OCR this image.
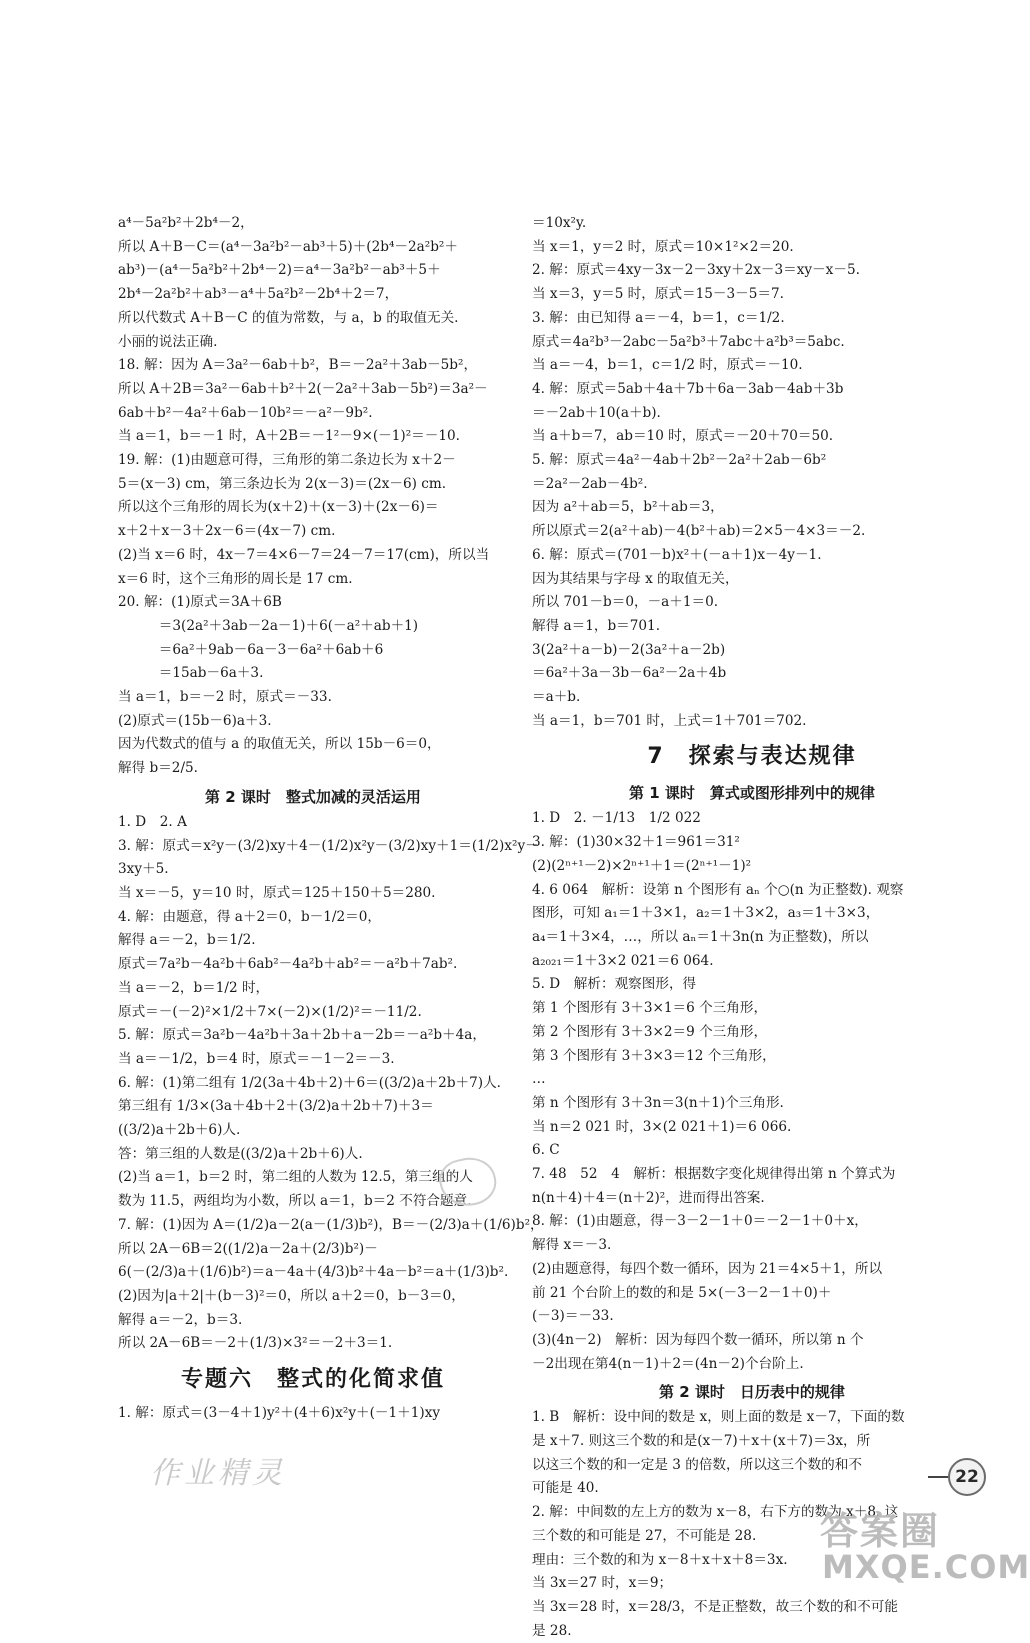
a⁴－5a²b²＋2b⁴－2，
所以 A＋B－C＝(a⁴－3a²b²－ab³＋5)＋(2b⁴－2a²b²＋
ab³)－(a⁴－5a²b²＋2b⁴－2)＝a⁴－3a²b²－ab³＋5＋
2b⁴－2a²b²＋ab³－a⁴＋5a²b²－2b⁴＋2＝7，
所以代数式 A＋B－C 的值为常数，与 a，b 的取值无关.
小丽的说法正确.
18. 解：因为 A＝3a²－6ab＋b²，B＝－2a²＋3ab－5b²，
所以 A＋2B＝3a²－6ab＋b²＋2(－2a²＋3ab－5b²)＝3a²－
6ab＋b²－4a²＋6ab－10b²＝－a²－9b².
当 a＝1，b＝－1 时，A＋2B＝－1²－9×(－1)²＝－10.
19. 解：(1)由题意可得，三角形的第二条边长为 x＋2－
5＝(x－3) cm，第三条边长为 2(x－3)＝(2x－6) cm.
所以这个三角形的周长为(x＋2)＋(x－3)＋(2x－6)＝
x＋2＋x－3＋2x－6＝(4x－7) cm.
(2)当 x＝6 时，4x－7＝4×6－7＝24－7＝17(cm)，所以当
x＝6 时，这个三角形的周长是 17 cm.
20. 解：(1)原式＝3A＋6B
　　　＝3(2a²＋3ab－2a－1)＋6(－a²＋ab＋1)
　　　＝6a²＋9ab－6a－3－6a²＋6ab＋6
　　　＝15ab－6a＋3.
当 a＝1，b＝－2 时，原式＝－33.
(2)原式＝(15b－6)a＋3.
因为代数式的值与 a 的取值无关，所以 15b－6＝0，
解得 b＝2/5.
第 2 课时　整式加减的灵活运用
1. D　2. A
3. 解：原式＝x²y－(3/2)xy＋4－(1/2)x²y－(3/2)xy＋1＝(1/2)x²y－
3xy＋5.
当 x＝－5，y＝10 时，原式＝125＋150＋5＝280.
4. 解：由题意，得 a＋2＝0，b－1/2＝0，
解得 a＝－2，b＝1/2.
原式＝7a²b－4a²b＋6ab²－4a²b＋ab²＝－a²b＋7ab².
当 a＝－2，b＝1/2 时，
原式＝－(－2)²×1/2＋7×(－2)×(1/2)²＝－11/2.
5. 解：原式＝3a²b－4a²b＋3a＋2b＋a－2b＝－a²b＋4a，
当 a＝－1/2，b＝4 时，原式＝－1－2＝－3.
6. 解：(1)第二组有 1/2(3a＋4b＋2)＋6＝((3/2)a＋2b＋7)人.
第三组有 1/3×(3a＋4b＋2＋(3/2)a＋2b＋7)＋3＝
((3/2)a＋2b＋6)人.
答：第三组的人数是((3/2)a＋2b＋6)人.
(2)当 a＝1，b＝2 时，第二组的人数为 12.5，第三组的人
数为 11.5，两组均为小数，所以 a＝1，b＝2 不符合题意.
7. 解：(1)因为 A＝(1/2)a－2(a－(1/3)b²)，B＝－(2/3)a＋(1/6)b²，
所以 2A－6B＝2((1/2)a－2a＋(2/3)b²)－
6(－(2/3)a＋(1/6)b²)＝a－4a＋(4/3)b²＋4a－b²＝a＋(1/3)b².
(2)因为|a＋2|＋(b－3)²＝0，所以 a＋2＝0，b－3＝0，
解得 a＝－2，b＝3.
所以 2A－6B＝－2＋(1/3)×3²＝－2＋3＝1.
专题六　整式的化简求值
1. 解：原式＝(3－4＋1)y²＋(4＋6)x²y＋(－1＋1)xy
＝10x²y.
当 x＝1，y＝2 时，原式＝10×1²×2＝20.
2. 解：原式＝4xy－3x－2－3xy＋2x－3＝xy－x－5.
当 x＝3，y＝5 时，原式＝15－3－5＝7.
3. 解：由已知得 a＝－4，b＝1，c＝1/2.
原式＝4a²b³－2abc－5a²b³＋7abc＋a²b³＝5abc.
当 a＝－4，b＝1，c＝1/2 时，原式＝－10.
4. 解：原式＝5ab＋4a＋7b＋6a－3ab－4ab＋3b
＝－2ab＋10(a＋b).
当 a＋b＝7，ab＝10 时，原式＝－20＋70＝50.
5. 解：原式＝4a²－4ab＋2b²－2a²＋2ab－6b²
＝2a²－2ab－4b².
因为 a²＋ab＝5，b²＋ab＝3，
所以原式＝2(a²＋ab)－4(b²＋ab)＝2×5－4×3＝－2.
6. 解：原式＝(701－b)x²＋(－a＋1)x－4y－1.
因为其结果与字母 x 的取值无关，
所以 701－b＝0，－a＋1＝0.
解得 a＝1，b＝701.
3(2a²＋a－b)－2(3a²＋a－2b)
＝6a²＋3a－3b－6a²－2a＋4b
＝a＋b.
当 a＝1，b＝701 时，上式＝1＋701＝702.
7　探索与表达规律
第 1 课时　算式或图形排列中的规律
1. D　2. －1/13　1/2 022
3. 解：(1)30×32＋1＝961＝31²
(2)(2ⁿ⁺¹－2)×2ⁿ⁺¹＋1＝(2ⁿ⁺¹－1)²
4. 6 064　解析：设第 n 个图形有 aₙ 个○(n 为正整数). 观察
图形，可知 a₁＝1＋3×1，a₂＝1＋3×2，a₃＝1＋3×3，
a₄＝1＋3×4，…，所以 aₙ＝1＋3n(n 为正整数)，所以
a₂₀₂₁＝1＋3×2 021＝6 064.
5. D　解析：观察图形，得
第 1 个图形有 3＋3×1＝6 个三角形，
第 2 个图形有 3＋3×2＝9 个三角形，
第 3 个图形有 3＋3×3＝12 个三角形，
…
第 n 个图形有 3＋3n＝3(n＋1)个三角形.
当 n＝2 021 时，3×(2 021＋1)＝6 066.
6. C
7. 48　52　4　解析：根据数字变化规律得出第 n 个算式为
n(n＋4)＋4＝(n＋2)²，进而得出答案.
8. 解：(1)由题意，得－3－2－1＋0＝－2－1＋0＋x，
解得 x＝－3.
(2)由题意得，每四个数一循环，因为 21＝4×5＋1，所以
前 21 个台阶上的数的和是 5×(－3－2－1＋0)＋
(－3)＝－33.
(3)(4n－2)　解析：因为每四个数一循环，所以第 n 个
－2出现在第4(n－1)＋2＝(4n－2)个台阶上.
第 2 课时　日历表中的规律
1. B　解析：设中间的数是 x，则上面的数是 x－7，下面的数
是 x＋7. 则这三个数的和是(x－7)＋x＋(x＋7)＝3x，所
以这三个数的和一定是 3 的倍数，所以这三个数的和不
可能是 40.
2. 解：中间数的左上方的数为 x－8，右下方的数为 x＋8. 这
三个数的和可能是 27，不可能是 28.
理由：三个数的和为 x－8＋x＋x＋8＝3x.
当 3x＝27 时，x＝9；
当 3x＝28 时，x＝28/3，不是正整数，故三个数的和不可能
是 28.
作业精灵	22
答案圈
MXQE.COM
